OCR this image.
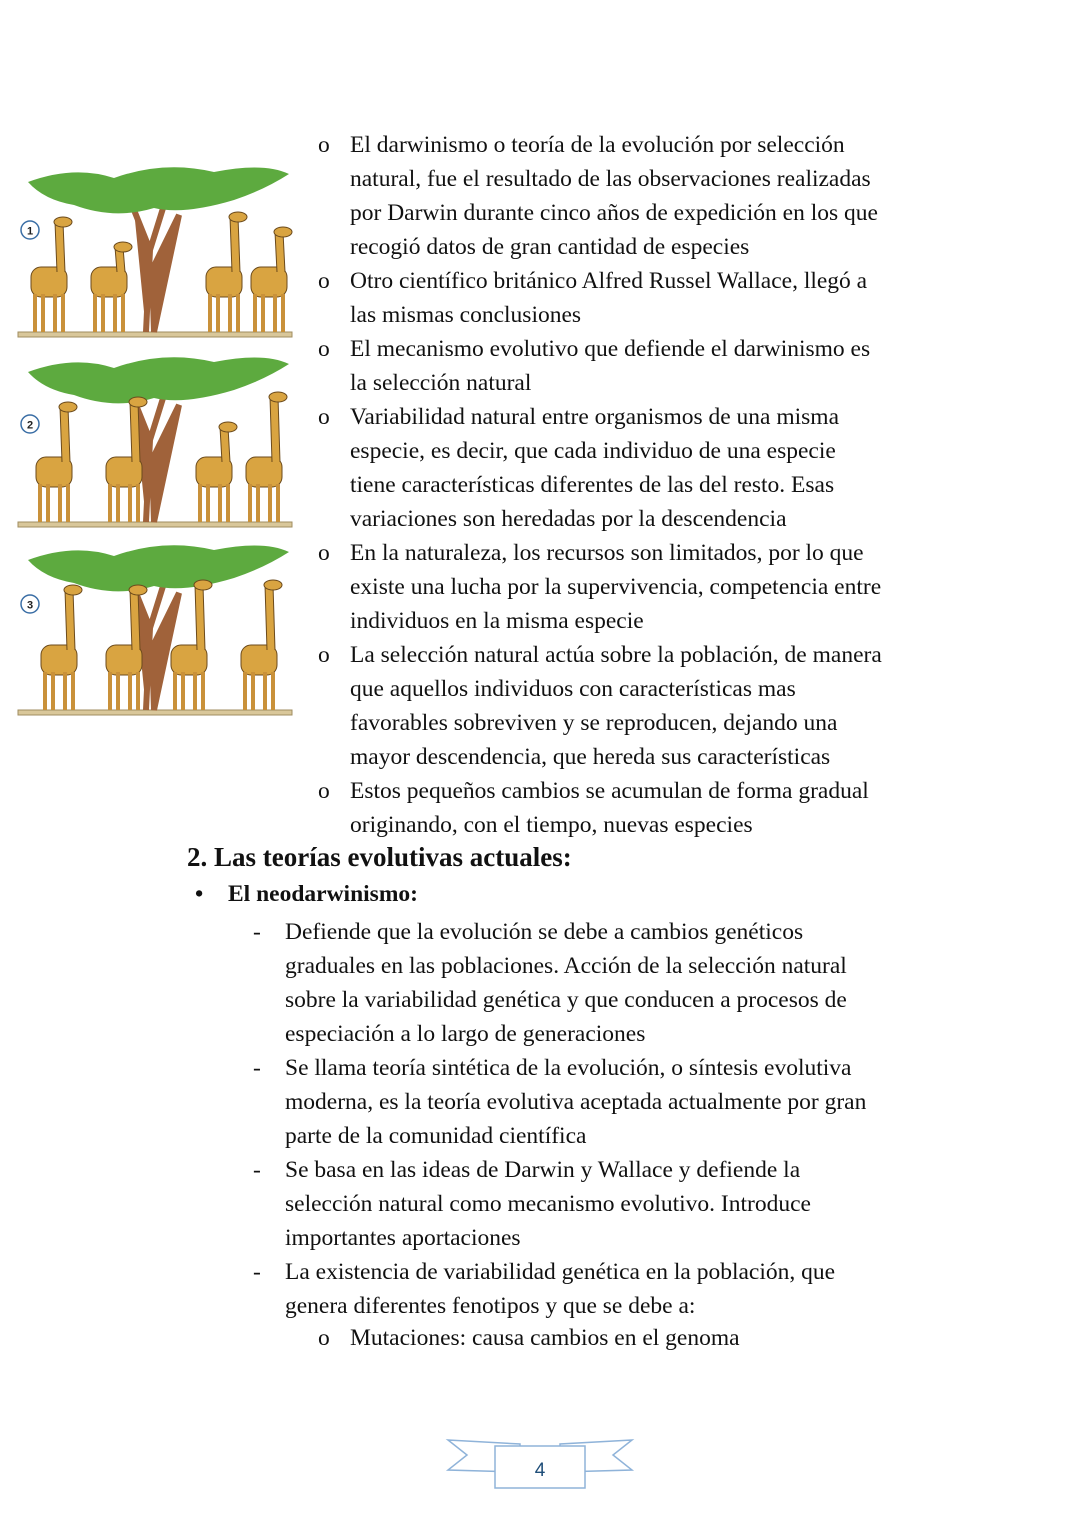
1
2
3
o El darwinismo o teoría de la evolución por selección
natural, fue el resultado de las observaciones realizadas
por Darwin durante cinco años de expedición en los que
recogió datos de gran cantidad de especies
o Otro científico británico Alfred Russel Wallace, llegó a
las mismas conclusiones
o El mecanismo evolutivo que defiende el darwinismo es
la selección natural
o Variabilidad natural entre organismos de una misma
especie, es decir, que cada individuo de una especie
tiene características diferentes de las del resto. Esas
variaciones son heredadas por la descendencia
o En la naturaleza, los recursos son limitados, por lo que
existe una lucha por la supervivencia, competencia entre
individuos en la misma especie
o La selección natural actúa sobre la población, de manera
que aquellos individuos con características mas
favorables sobreviven y se reproducen, dejando una
mayor descendencia, que hereda sus características
o Estos pequeños cambios se acumulan de forma gradual
originando, con el tiempo, nuevas especies
2. Las teorías evolutivas actuales:
• El neodarwinismo:
- Defiende que la evolución se debe a cambios genéticos
graduales en las poblaciones. Acción de la selección natural
sobre la variabilidad genética y que conducen a procesos de
especiación a lo largo de generaciones
- Se llama teoría sintética de la evolución, o síntesis evolutiva
moderna, es la teoría evolutiva aceptada actualmente por gran
parte de la comunidad científica
- Se basa en las ideas de Darwin y Wallace y defiende la
selección natural como mecanismo evolutivo. Introduce
importantes aportaciones
- La existencia de variabilidad genética en la población, que
genera diferentes fenotipos y que se debe a:
o Mutaciones: causa cambios en el genoma
4
